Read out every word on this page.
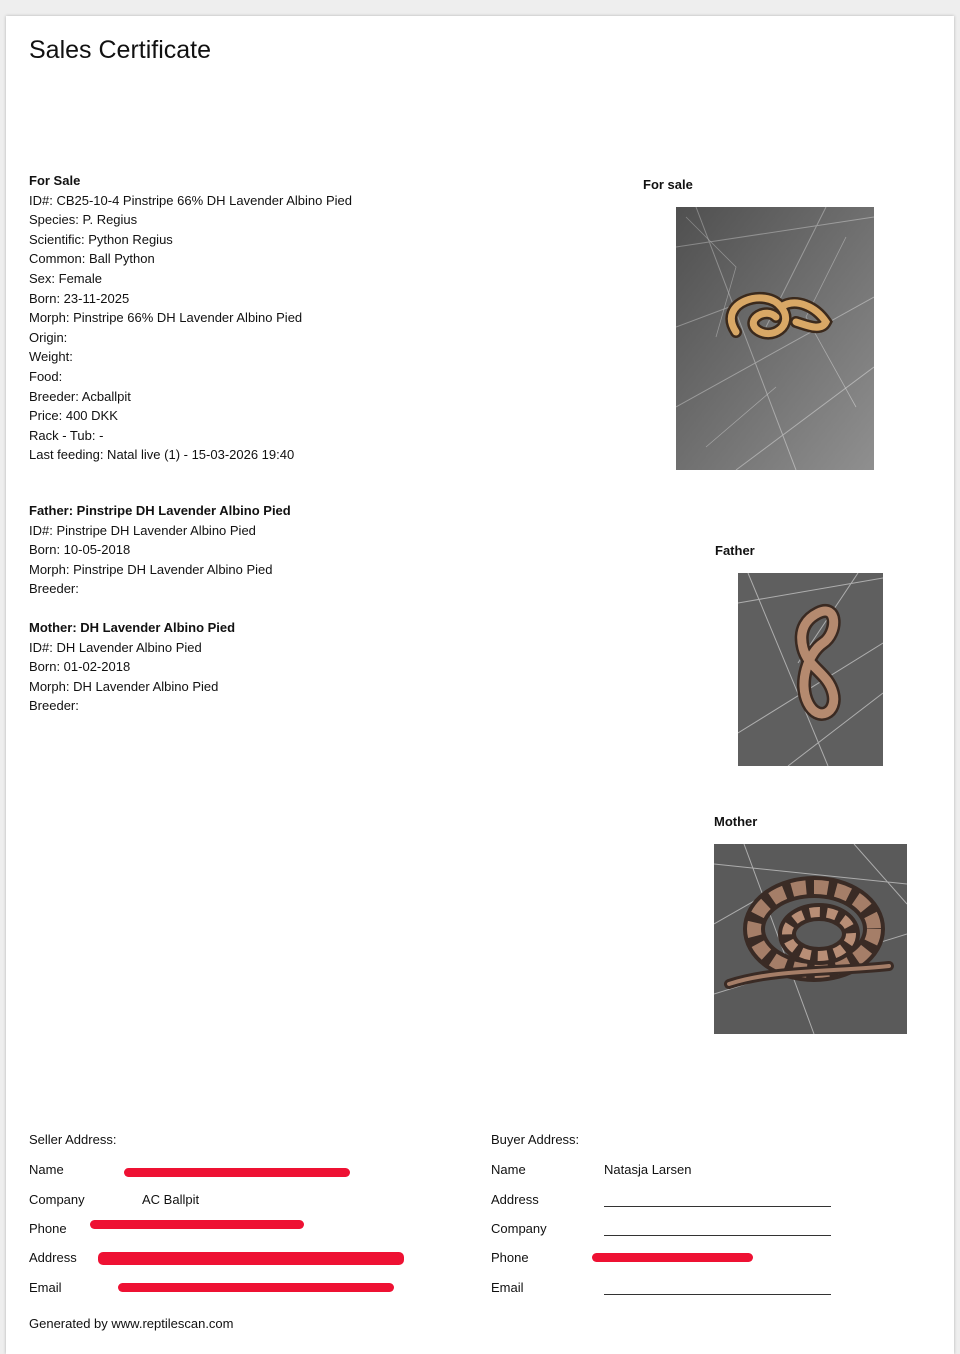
Sales Certificate
For Sale
ID#: CB25-10-4 Pinstripe 66% DH Lavender Albino Pied
Species: P. Regius
Scientific: Python Regius
Common: Ball Python
Sex: Female
Born: 23-11-2025
Morph: Pinstripe 66% DH Lavender Albino Pied
Origin:
Weight:
Food:
Breeder: Acballpit
Price: 400 DKK
Rack - Tub: -
Last feeding: Natal live (1) - 15-03-2026 19:40
Father: Pinstripe DH Lavender Albino Pied
ID#: Pinstripe DH Lavender Albino Pied
Born: 10-05-2018
Morph: Pinstripe DH Lavender Albino Pied
Breeder:
Mother: DH Lavender Albino Pied
ID#: DH Lavender Albino Pied
Born: 01-02-2018
Morph: DH Lavender Albino Pied
Breeder:
For sale
Father
Mother
Seller Address:
Name
Company	AC Ballpit
Phone
Address
Email
Buyer Address:
Name	Natasja Larsen
Address
Company
Phone
Email
Generated by www.reptilescan.com
